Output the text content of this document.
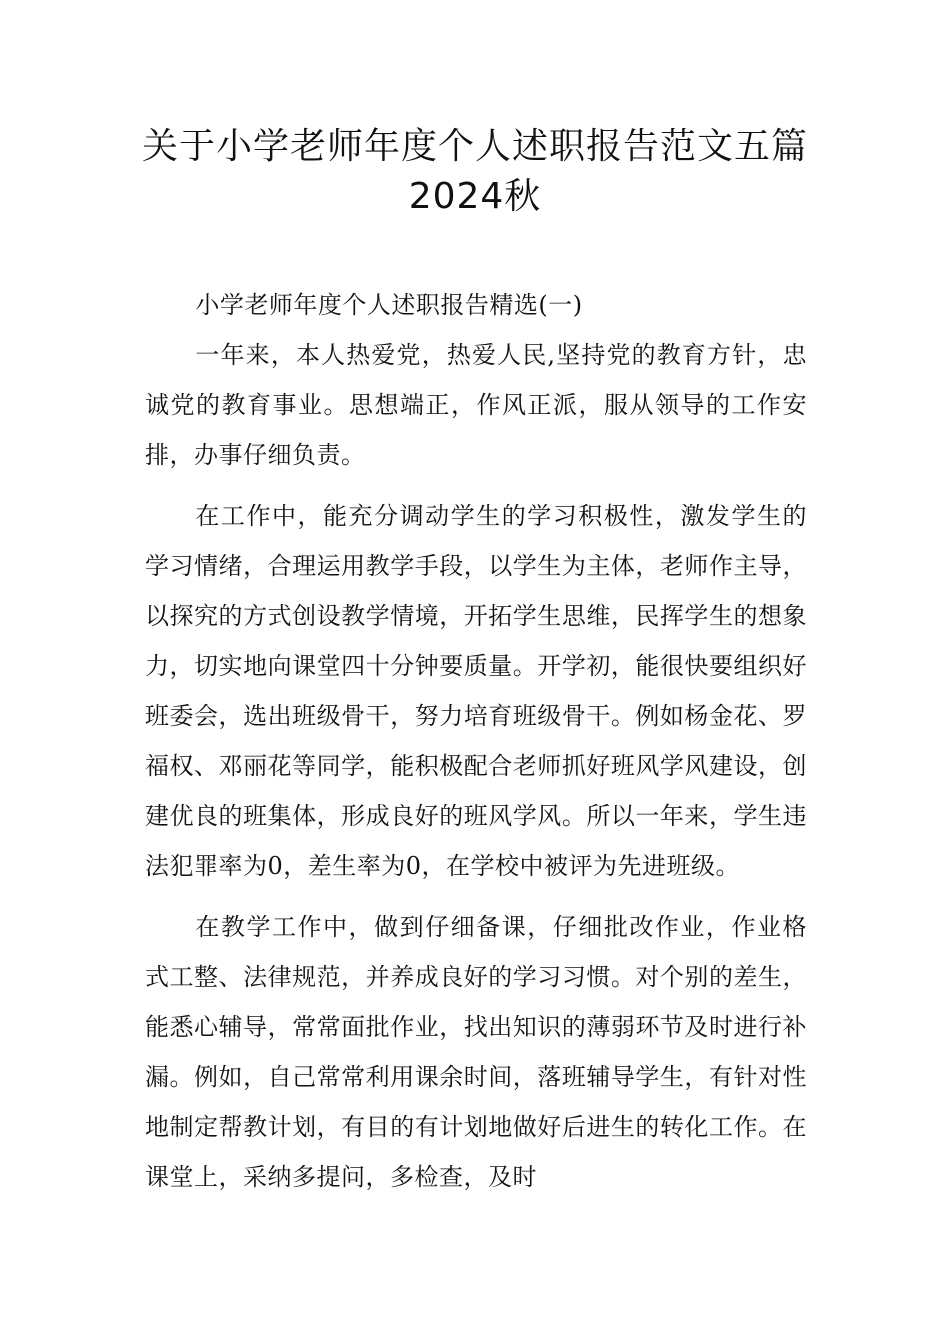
关于小学老师年度个人述职报告范文五篇2024秋

小学老师年度个人述职报告精选(一)

一年来，本人热爱党，热爱人民,坚持党的教育方针，忠诚党的教育事业。思想端正，作风正派，服从领导的工作安排，办事仔细负责。

在工作中，能充分调动学生的学习积极性，激发学生的学习情绪，合理运用教学手段，以学生为主体，老师作主导，以探究的方式创设教学情境，开拓学生思维，民挥学生的想象力，切实地向课堂四十分钟要质量。开学初，能很快要组织好班委会，选出班级骨干，努力培育班级骨干。例如杨金花、罗福权、邓丽花等同学，能积极配合老师抓好班风学风建设，创建优良的班集体，形成良好的班风学风。所以一年来，学生违法犯罪率为0，差生率为0，在学校中被评为先进班级。

在教学工作中，做到仔细备课，仔细批改作业，作业格式工整、法律规范，并养成良好的学习习惯。对个别的差生，能悉心辅导，常常面批作业，找出知识的薄弱环节及时进行补漏。例如，自己常常利用课余时间，落班辅导学生，有针对性地制定帮教计划，有目的有计划地做好后进生的转化工作。在课堂上，采纳多提问，多检查，及时
